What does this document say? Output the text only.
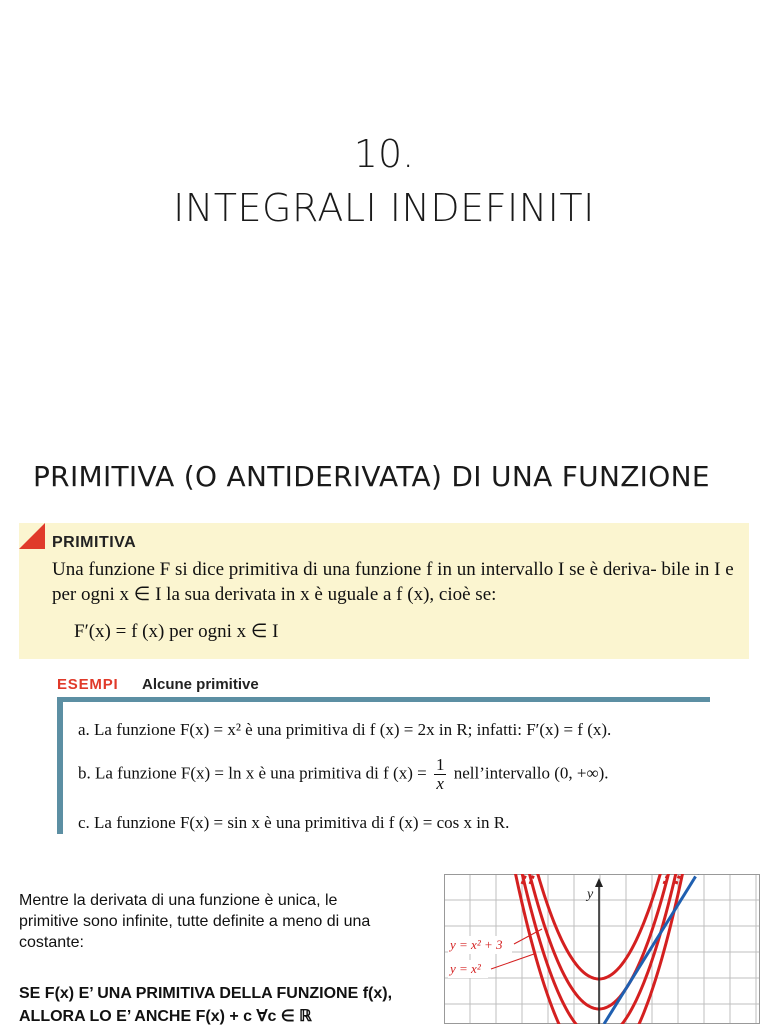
10.
INTEGRALI INDEFINITI
PRIMITIVA (O ANTIDERIVATA) DI UNA FUNZIONE
PRIMITIVA
Una funzione F si dice primitiva di una funzione f in un intervallo I se è deriva- bile in I e per ogni x ∈ I la sua derivata in x è uguale a f (x), cioè se:
F′(x) = f (x) per ogni x ∈ I
ESEMPI Alcune primitive
a. La funzione F(x) = x² è una primitiva di f (x) = 2x in R; infatti: F′(x) = f (x).
b. La funzione F(x) = ln x è una primitiva di f $(x) = \frac{1}{x}$ nell’intervallo (0, +∞).
c. La funzione F(x) = sin x è una primitiva di f (x) = cos x in R.
Mentre la derivata di una funzione è unica, le primitive sono infinite, tutte definite a meno di una costante:
SE F(x) E’ UNA PRIMITIVA DELLA FUNZIONE f(x), ALLORA LO E’ ANCHE F(x) + c ∀c ∈ ℝ
y
y = x² + 3
y = x²
